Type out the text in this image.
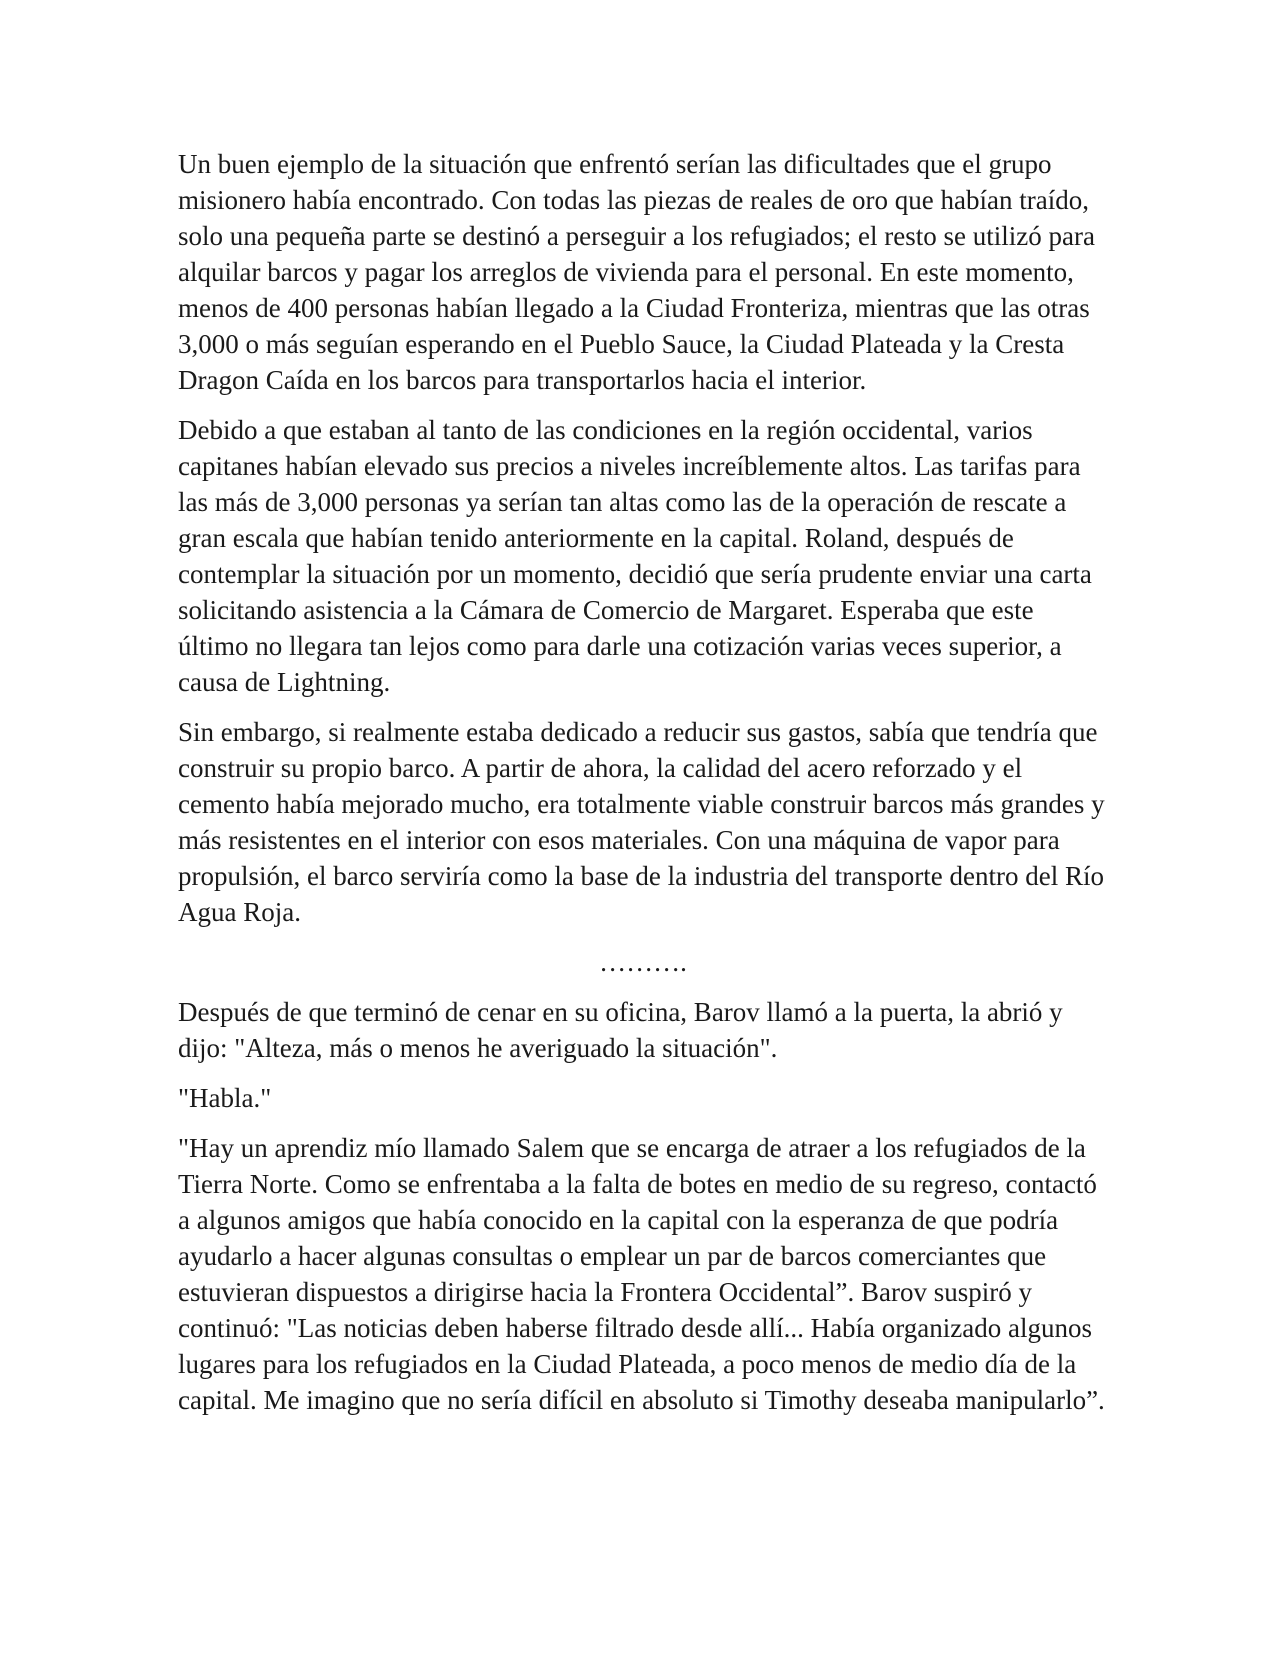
Un buen ejemplo de la situación que enfrentó serían las dificultades que el grupo misionero había encontrado. Con todas las piezas de reales de oro que habían traído, solo una pequeña parte se destinó a perseguir a los refugiados; el resto se utilizó para alquilar barcos y pagar los arreglos de vivienda para el personal. En este momento, menos de 400 personas habían llegado a la Ciudad Fronteriza, mientras que las otras 3,000 o más seguían esperando en el Pueblo Sauce, la Ciudad Plateada y la Cresta Dragon Caída en los barcos para transportarlos hacia el interior.

Debido a que estaban al tanto de las condiciones en la región occidental, varios capitanes habían elevado sus precios a niveles increíblemente altos. Las tarifas para las más de 3,000 personas ya serían tan altas como las de la operación de rescate a gran escala que habían tenido anteriormente en la capital. Roland, después de contemplar la situación por un momento, decidió que sería prudente enviar una carta solicitando asistencia a la Cámara de Comercio de Margaret. Esperaba que este último no llegara tan lejos como para darle una cotización varias veces superior, a causa de Lightning.

Sin embargo, si realmente estaba dedicado a reducir sus gastos, sabía que tendría que construir su propio barco. A partir de ahora, la calidad del acero reforzado y el cemento había mejorado mucho, era totalmente viable construir barcos más grandes y más resistentes en el interior con esos materiales. Con una máquina de vapor para propulsión, el barco serviría como la base de la industria del transporte dentro del Río Agua Roja.

……….

Después de que terminó de cenar en su oficina, Barov llamó a la puerta, la abrió y dijo: "Alteza, más o menos he averiguado la situación".

"Habla."

"Hay un aprendiz mío llamado Salem que se encarga de atraer a los refugiados de la Tierra Norte. Como se enfrentaba a la falta de botes en medio de su regreso, contactó a algunos amigos que había conocido en la capital con la esperanza de que podría ayudarlo a hacer algunas consultas o emplear un par de barcos comerciantes que estuvieran dispuestos a dirigirse hacia la Frontera Occidental”. Barov suspiró y continuó: "Las noticias deben haberse filtrado desde allí... Había organizado algunos lugares para los refugiados en la Ciudad Plateada, a poco menos de medio día de la capital. Me imagino que no sería difícil en absoluto si Timothy deseaba manipularlo”.
